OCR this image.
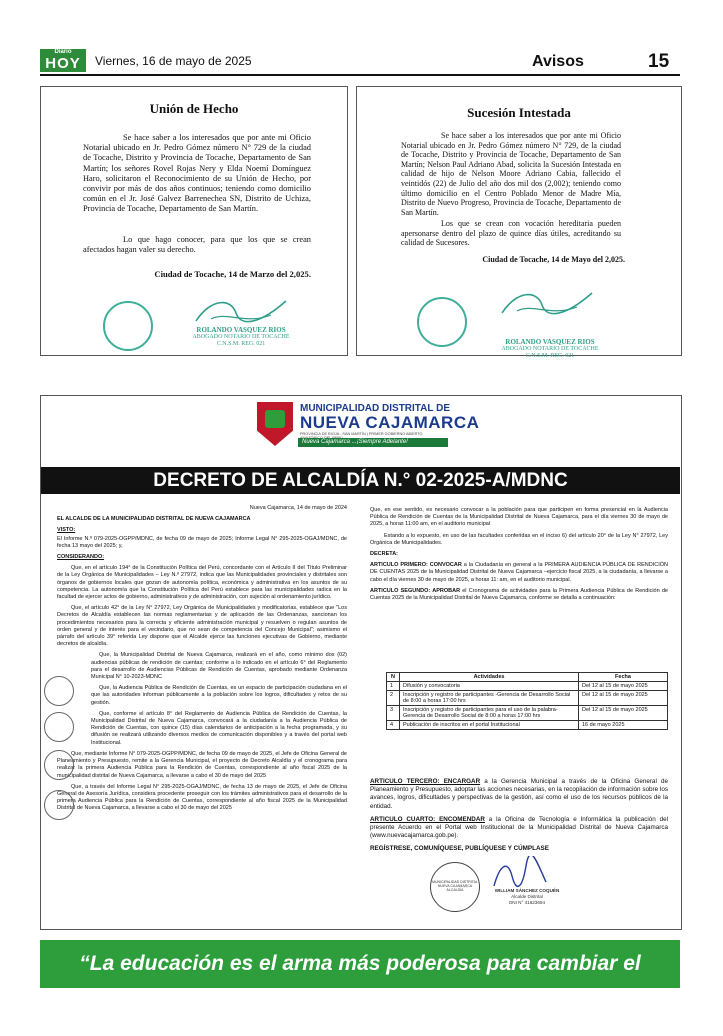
Diario
HOY	Viernes, 16 de mayo de 2025	Avisos	15
Unión de Hecho
Se hace saber a los interesados que por ante mi Oficio Notarial ubicado en Jr. Pedro Gómez número N° 729 de la ciudad de Tocache, Distrito y Provincia de Tocache, Departamento de San Martín; los señores Rovel Rojas Nery y Elda Noemí Domínguez Haro, solicitaron el Reconocimiento de su Unión de Hecho, por convivir por más de dos años continuos; teniendo como domicilio común en el Jr. José Galvez Barrenechea SN, Distrito de Uchiza, Provincia de Tocache, Departamento de San Martín.
Lo que hago conocer, para que los que se crean afectados hagan valer su derecho.
Ciudad de Tocache, 14 de Marzo del 2,025.
ROLANDO VASQUEZ RIOS
ABOGADO NOTARIO DE TOCACHE
C.N.S.M. REG. 021
Sucesión Intestada
Se hace saber a los interesados que por ante mi Oficio Notarial ubicado en Jr. Pedro Gómez número N° 729, de la ciudad de Tocache, Distrito y Provincia de Tocache, Departamento de San Martín; Nelson Paul Adriano Abad, solicita la Sucesión Intestada en calidad de hijo de Nelson Moore Adriano Cabia, fallecido el veintidós (22) de Julio del año dos mil dos (2,002); teniendo como último domicilio en el Centro Poblado Menor de Madre Mía, Distrito de Nuevo Progreso, Provincia de Tocache, Departamento de San Martín.
Los que se crean con vocación hereditaria pueden apersonarse dentro del plazo de quince días útiles, acreditando su calidad de Sucesores.
Ciudad de Tocache, 14 de Mayo del 2,025.
ROLANDO VASQUEZ RIOS
ABOGADO NOTARIO DE TOCACHE
C.N.S.M. REG. 021
MUNICIPALIDAD DISTRITAL DE
NUEVA CAJAMARCA
PROVINCIA DE RIOJA - SAN MARTÍN | PRIMER GOBIERNO ABIERTO
Nueva Cajamarca ...¡Siempre Adelante!
DECRETO DE ALCALDÍA N.° 02-2025-A/MDNC

Nueva Cajamarca, 14 de mayo de 2024

EL ALCALDE DE LA MUNICIPALIDAD DISTRITAL DE NUEVA CAJAMARCA

VISTO:

El Informe N.º 079-2025-OGPP/MDNC, de fecha 09 de mayo de 2025; Informe Legal N° 295-2025-OGAJ/MDNC, de fecha 13 mayo del 2025; y,

CONSIDERANDO:

Que, en el artículo 194° de la Constitución Política del Perú, concordante con el Artículo II del Título Preliminar de la Ley Orgánica de Municipalidades – Ley N.º 27972, indica que las Municipalidades provinciales y distritales son órganos de gobiernos locales que gozan de autonomía política, económica y administrativa en los asuntos de su competencia. La autonomía que la Constitución Política del Perú establece para las municipalidades radica en la facultad de ejercer actos de gobierno, administrativos y de administración, con sujeción al ordenamiento jurídico.

Que, el artículo 42° de la Ley N° 27972, Ley Orgánica de Municipalidades y modificatorias, establece que "Los Decretos de Alcaldía establecen las normas reglamentarias y de aplicación de las Ordenanzas, sancionan los procedimientos necesarios para la correcta y eficiente administración municipal y resuelven o regulan asuntos de orden general y de interés para el vecindario, que no sean de competencia del Concejo Municipal"; asimismo el párrafo del artículo 39° referida Ley dispone que el Alcalde ejerce las funciones ejecutivas de Gobierno, mediante decretos de alcaldía.

Que, la Municipalidad Distrital de Nueva Cajamarca, realizará en el año, como mínimo dos (02) audiencias públicas de rendición de cuentas; conforme a lo indicado en el artículo 6° del Reglamento para el desarrollo de Audiencias Públicas de Rendición de Cuentas, aprobado mediante Ordenanza Municipal N° 10-2023-MDNC

Que, la Audiencia Pública de Rendición de Cuentas, es un espacio de participación ciudadana en el que las autoridades informan públicamente a la población sobre los logros, dificultades y retos de su gestión.

Que, conforme el artículo 8° del Reglamento de Audiencia Pública de Rendición de Cuentas, la Municipalidad Distrital de Nueva Cajamarca, convocará a la ciudadanía a la Audiencia Pública de Rendición de Cuentas, con quince (15) días calendarios de anticipación a la fecha programada, y su difusión se realizará utilizando diversos medios de comunicación disponibles y a través del portal web Institucional.

Que, mediante Informe N° 079-2025-OGPP/MDNC, de fecha 09 de mayo de 2025, el Jefe de Oficina General de Planeamiento y Presupuesto, remite a la Gerencia Municipal, el proyecto de Decreto Alcaldía y el cronograma para realizar la primera Audiencia Pública para la Rendición de Cuentas, correspondiente al año fiscal 2025 de la municipalidad distrital de Nueva Cajamarca, a llevarse a cabo el 30 de mayo del 2025

Que, a través del Informe Legal N° 295-2025-OGAJ/MDNC, de fecha 13 de mayo de 2025, el Jefe de Oficina General de Asesoría Jurídica, considera procedente proseguir con los trámites administrativos para el desarrollo de la primera Audiencia Pública para la Rendición de Cuentas, correspondiente al año fiscal 2025 de la Municipalidad Distrital de Nueva Cajamarca, a llevarse a cabo el 30 de mayo del 2025

Que, en ese sentido, es necesario convocar a la población para que participen en forma presencial en la Audiencia Pública de Rendición de Cuentas de la Municipalidad Distrital de Nueva Cajamarca, para el día viernes 30 de mayo de 2025, a horas 11:00 am, en el auditorio municipal

Estando a lo expuesto, en uso de las facultades conferidas en el inciso 6) del artículo 20° de la Ley N° 27972, Ley Orgánica de Municipalidades.

DECRETA:

ARTICULO PRIMERO: CONVOCAR a la Ciudadanía en general a la PRIMERA AUDIENCIA PÚBLICA DE RENDICIÓN DE CUENTAS 2025 de la Municipalidad Distrital de Nueva Cajamarca –ejercicio fiscal 2025, a la ciudadanía, a llevarse a cabo el día viernes 30 de mayo de 2025, a horas 11: am, en el auditorio municipal.

ARTICULO SEGUNDO: APROBAR el Cronograma de actividades para la Primera Audiencia Pública de Rendición de Cuentas 2025 de la Municipalidad Distrital de Nueva Cajamarca, conforme se detalla a continuación:

N	Actividades	Fecha
1	Difusión y convocatoria	Del 12 al 15 de mayo 2025
2	Inscripción y registro de participantes -Gerencia de Desarrollo Social de 8:00 a horas 17:00 hrs	Del 12 al 15 de mayo 2025
3	Inscripción y registro de participantes para el uso de la palabra-Gerencia de Desarrollo Social de 8:00 a horas 17:00 hrs	Del 12 al 15 de mayo 2025
4	Publicación de inscritos en el portal Institucional	16 de mayo 2025

ARTICULO TERCERO: ENCARGAR a la Gerencia Municipal a través de la Oficina General de Planeamiento y Presupuesto, adoptar las acciones necesarias, en la recopilación de información sobre los avances, logros, dificultades y perspectivas de la gestión, así como el uso de los recursos públicos de la entidad.

ARTICULO CUARTO: ENCOMENDAR a la Oficina de Tecnología e Informática la publicación del presente Acuerdo en el Portal web Institucional de la Municipalidad Distrital de Nueva Cajamarca (www.nuevacajamarca.gob.pe).

REGÍSTRESE, COMUNÍQUESE, PUBLÍQUESE Y CÚMPLASE

MUNICIPALIDAD DISTRITAL NUEVA CAJAMARCA ALCALDÍA	WILLIAM SÁNCHEZ COQUÉN
Alcalde Distrital
DNI N° 41623694
“La educación es el arma más poderosa para cambiar el mundo”
